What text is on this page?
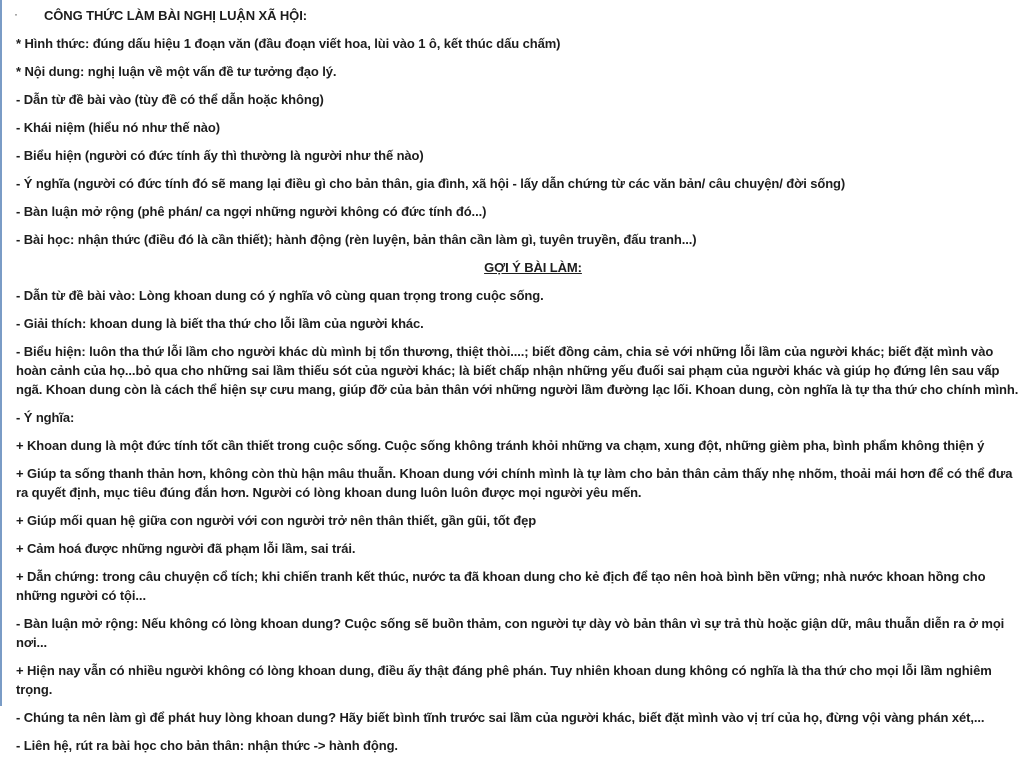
·	CÔNG THỨC LÀM BÀI NGHỊ LUẬN XÃ HỘI:
* Hình thức: đúng dấu hiệu 1 đoạn văn (đầu đoạn viết hoa, lùi vào 1 ô, kết thúc dấu chấm)
* Nội dung: nghị luận về một vấn đề tư tưởng đạo lý.
- Dẫn từ đề bài vào (tùy đề có thể dẫn hoặc không)
- Khái niệm (hiểu nó như thế nào)
- Biểu hiện (người có đức tính ấy thì thường là người như thế nào)
- Ý nghĩa (người có đức tính đó sẽ mang lại điều gì cho bản thân, gia đình, xã hội - lấy dẫn chứng từ các văn bản/ câu chuyện/ đời sống)
- Bàn luận mở rộng (phê phán/ ca ngợi những người không có đức tính đó...)
- Bài học: nhận thức (điều đó là cần thiết); hành động (rèn luyện, bản thân cần làm gì, tuyên truyền, đấu tranh...)
GỢI Ý BÀI LÀM:
- Dẫn từ đề bài vào: Lòng khoan dung có ý nghĩa vô cùng quan trọng trong cuộc sống.
- Giải thích: khoan dung là biết tha thứ cho lỗi lầm của người khác.
- Biểu hiện: luôn tha thứ lỗi lầm cho người khác dù mình bị tổn thương, thiệt thòi....; biết đồng cảm, chia sẻ với những lỗi lầm của người khác; biết đặt mình vào hoàn cảnh của họ...bỏ qua cho những sai lầm thiếu sót của người khác; là biết chấp nhận những yếu đuối sai phạm của người khác và giúp họ đứng lên sau vấp ngã. Khoan dung còn là cách thể hiện sự cưu mang, giúp đỡ của bản thân với những người lầm đường lạc lối. Khoan dung, còn nghĩa là tự tha thứ cho chính mình.
- Ý nghĩa:
+ Khoan dung là một đức tính tốt cần thiết trong cuộc sống. Cuộc sống không tránh khỏi những va chạm, xung đột, những gièm pha, bình phẩm không thiện ý
+ Giúp ta sống thanh thản hơn, không còn thù hận mâu thuẫn. Khoan dung với chính mình là tự làm cho bản thân cảm thấy nhẹ nhõm, thoải mái hơn để có thể đưa ra quyết định, mục tiêu đúng đắn hơn. Người có lòng khoan dung luôn luôn được mọi người yêu mến.
+ Giúp mối quan hệ giữa con người với con người trở nên thân thiết, gần gũi, tốt đẹp
+ Cảm hoá được những người đã phạm lỗi lầm, sai trái.
+ Dẫn chứng: trong câu chuyện cổ tích; khi chiến tranh kết thúc, nước ta đã khoan dung cho kẻ địch để tạo nên hoà bình bền vững; nhà nước khoan hồng cho những người có tội...
- Bàn luận mở rộng: Nếu không có lòng khoan dung? Cuộc sống sẽ buồn thảm, con người tự dày vò bản thân vì sự trả thù hoặc giận dữ, mâu thuẫn diễn ra ở mọi nơi...
+ Hiện nay vẫn có nhiều người không có lòng khoan dung, điều ấy thật đáng phê phán. Tuy nhiên khoan dung không có nghĩa là tha thứ cho mọi lỗi lầm nghiêm trọng.
- Chúng ta nên làm gì để phát huy lòng khoan dung? Hãy biết bình tĩnh trước sai lầm của người khác, biết đặt mình vào vị trí của họ, đừng vội vàng phán xét,...
- Liên hệ, rút ra bài học cho bản thân: nhận thức -> hành động.
